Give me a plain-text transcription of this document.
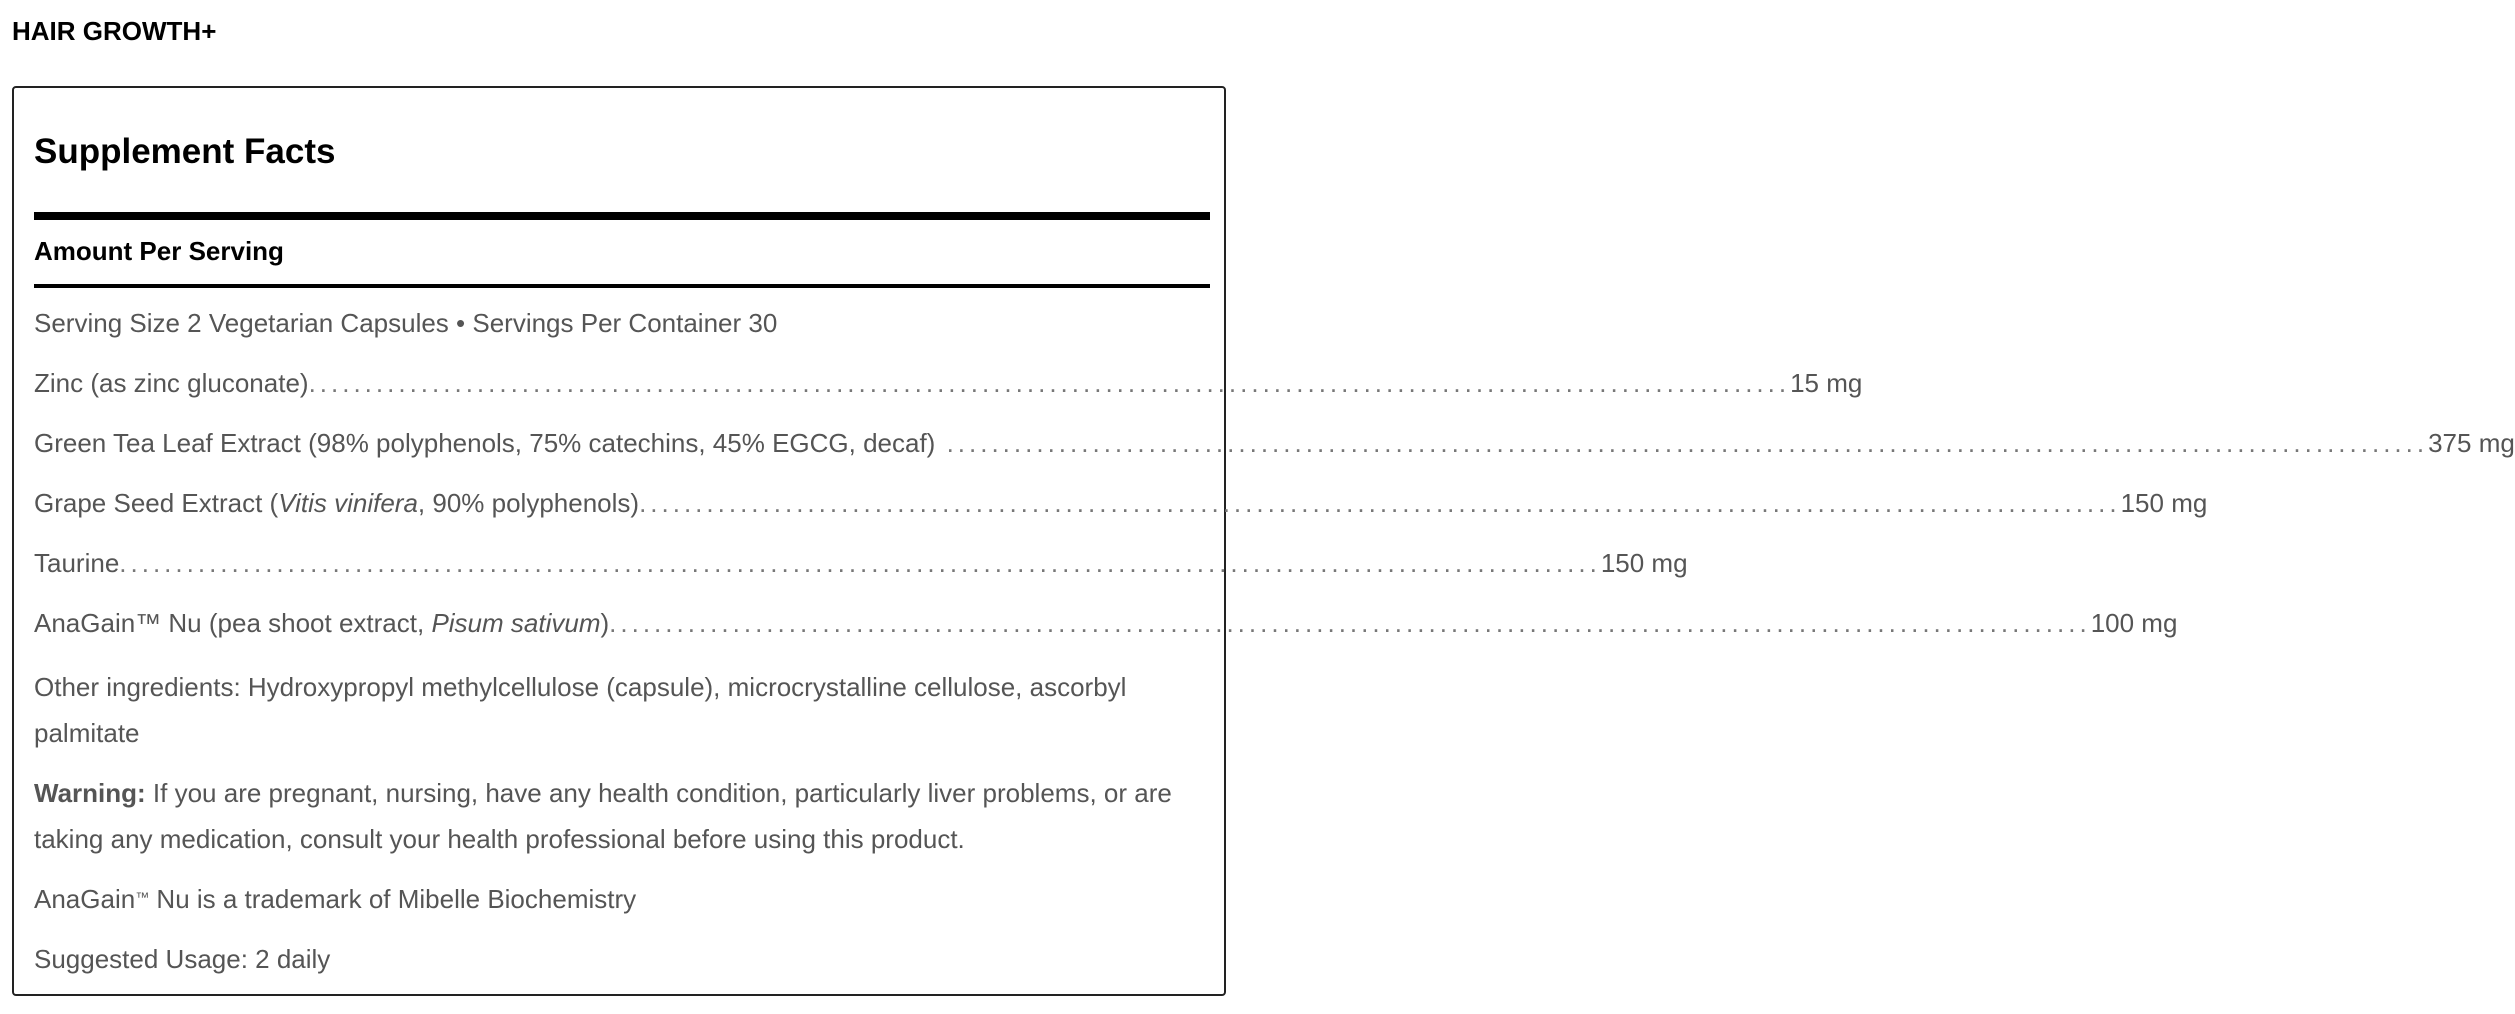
HAIR GROWTH+
Supplement Facts
Amount Per Serving
Serving Size 2 Vegetarian Capsules • Servings Per Container 30
Zinc (as zinc gluconate) .................................................................................................................................... 15 mg
Green Tea Leaf Extract (98% polyphenols, 75% catechins, 45% EGCG, decaf) .................................................................................................................................... 375 mg
Grape Seed Extract (Vitis vinifera, 90% polyphenols) .................................................................................................................................... 150 mg
Taurine .................................................................................................................................... 150 mg
AnaGain™ Nu (pea shoot extract, Pisum sativum) .................................................................................................................................... 100 mg
Other ingredients: Hydroxypropyl methylcellulose (capsule), microcrystalline cellulose, ascorbyl palmitate
Warning: If you are pregnant, nursing, have any health condition, particularly liver problems, or are taking any medication, consult your health professional before using this product.
AnaGain™ Nu is a trademark of Mibelle Biochemistry
Suggested Usage: 2 daily
